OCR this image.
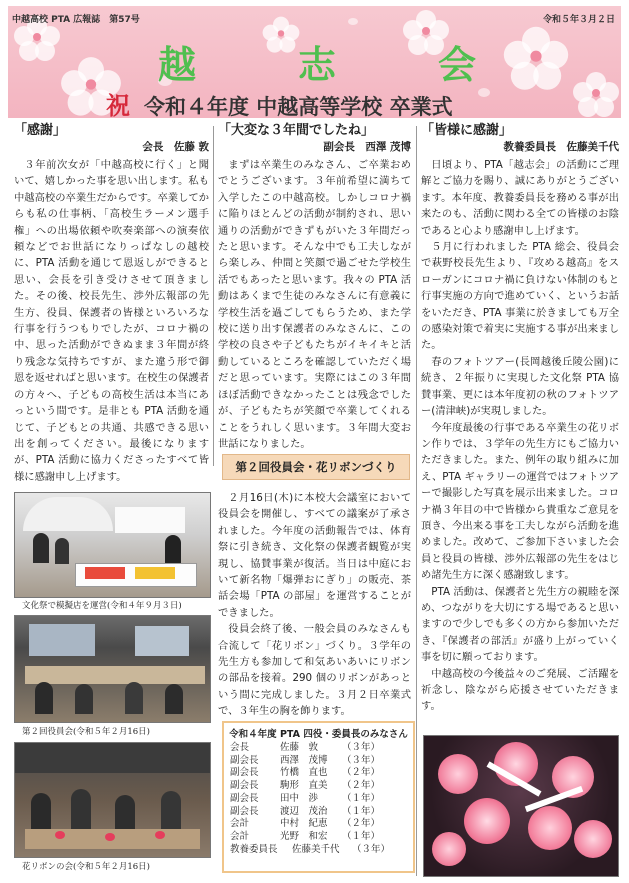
中越高校 PTA 広報誌　第57号	令和５年３月２日
越	志	会
祝 令和４年度 中越高等学校 卒業式
「感謝」
会長　佐藤 敦

３年前次女が「中越高校に行く」と聞いて、嬉しかった事を思い出します。私も中越高校の卒業生だからです。卒業してからも私の仕事柄、「高校生ラーメン選手権」への出場依頼や吹奏楽部への演奏依頼などでお世話になりっぱなしの越校に、PTA 活動を通じて恩返しができると思い、会長を引き受けさせて頂きました。その後、校長先生、渉外広報部の先生方、役員、保護者の皆様といろいろな行事を行うつもりでしたが、コロナ禍の中、思った活動ができぬまま３年間が終り残念な気持ちですが、また違う形で御恩を返せればと思います。在校生の保護者の方々へ、子どもの高校生活は本当にあっという間です。是非とも PTA 活動を通じて、子どもとの共通、共感できる思い出を創ってください。最後になりますが、PTA 活動に協力くださったすべて皆様に感謝申し上げます。

文化祭で模擬店を運営(令和４年９月３日)
第２回役員会(令和５年２月16日)
花リボンの会(令和５年２月16日)
「大変な３年間でしたね」
副会長　西澤 茂博

まずは卒業生のみなさん、ご卒業おめでとうございます。３年前希望に満ちて入学したこの中越高校。しかしコロナ禍に陥りほとんどの活動が制約され、思い通りの活動ができずもがいた３年間だったと思います。そんな中でも工夫しながら楽しみ、仲間と笑顔で過ごせた学校生活でもあったと思います。我々の PTA 活動はあくまで生徒のみなさんに有意義に学校生活を過ごしてもらうため、また学校に送り出す保護者のみなさんに、この学校の良さや子どもたちがイキイキと活動しているところを確認していただく場だと思っています。実際にはこの３年間ほぼ活動できなかったことは残念でしたが、子どもたちが笑顔で卒業してくれることをうれしく思います。３年間大変お世話になりました。

第２回役員会・花リボンづくり

２月16日(木)に本校大会議室において役員会を開催し、すべての議案が了承されました。今年度の活動報告では、体育祭に引き続き、文化祭の保護者観覧が実現し、協賛事業が復活。当日は中庭において新名物「爆弾おにぎり」の販売、茶話会場「PTA の部屋」を運営することができました。

役員会終了後、一般会員のみなさんも合流して「花リボン」づくり。３学年の先生方も参加して和気あいあいにリボンの部品を接着。290 個のリボンがあっという間に完成しました。３月２日卒業式で、３年生の胸を飾ります。

令和４年度 PTA 四役・委員長のみなさん
会長	佐藤　敦	（３年）
副会長	西澤　茂博	（３年）
副会長	竹橋　直也	（２年）
副会長	駒形　直美	（２年）
副会長	田中　渉	（１年）
副会長	渡辺　茂治	（１年）
会計	中村　紀恵	（２年）
会計	光野　和宏	（１年）
教養委員長	佐藤美千代	（３年）
「皆様に感謝」
教養委員長　佐藤美千代

日頃より、PTA「越志会」の活動にご理解とご協力を賜り、誠にありがとうございます。本年度、教養委員長を務める事が出来たのも、活動に関わる全ての皆様のお陰であると心より感謝申し上げます。

５月に行われました PTA 総会、役員会で萩野校長先生より、『攻める越高』をスローガンにコロナ禍に負けない体制のもと行事実施の方向で進めていく、というお話をいただき、PTA 事業に於きましても万全の感染対策で着実に実施する事が出来ました。

春のフォトツアー(長岡越後丘陵公園)に続き、２年振りに実現した文化祭 PTA 協賛事業、更には本年度初の秋のフォトツアー(清津峡)が実現しました。

今年度最後の行事である卒業生の花リボン作りでは、３学年の先生方にもご協力いただきました。また、例年の取り組みに加え、PTA ギャラリーの運営ではフォトツアーで撮影した写真を展示出来ました。コロナ禍３年目の中で皆様から貴重なご意見を頂き、今出来る事を工夫しながら活動を進めました。改めて、ご参加下さいました会員と役員の皆様、渉外広報部の先生をはじめ諸先生方に深く感謝致します。

PTA 活動は、保護者と先生方の親睦を深め、つながりを大切にする場であると思いますので少しでも多くの方から参加いただき、『保護者の部活』が盛り上がっていく事を切に願っております。

中越高校の今後益々のご発展、ご活躍を祈念し、陰ながら応援させていただきます。
